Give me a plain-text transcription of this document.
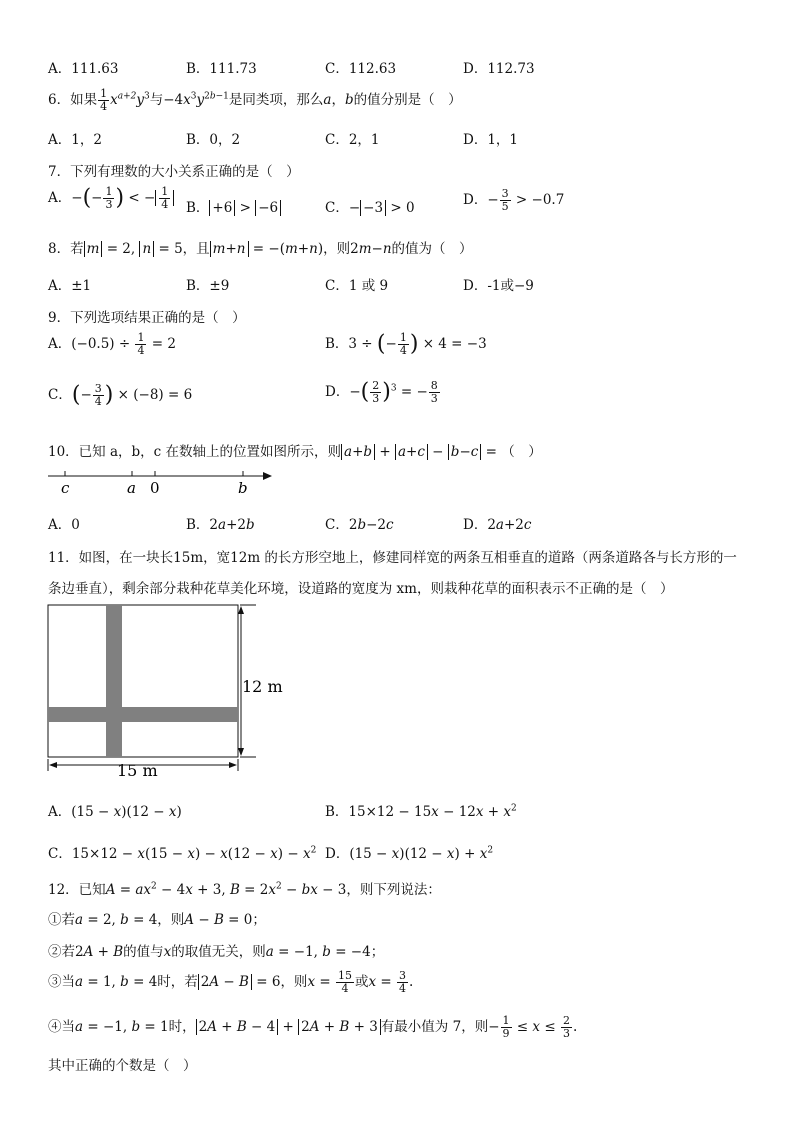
A．111.63	B．111.73	C．112.63	D．112.73
6．如果 $\frac{1}{4} x^{a+2}y^3$与$-4x^3y^{2b-1}$是同类项，那么a，b的值分别是（　）
A．1，2	B．0，2	C．2，1	D．1，1
7．下列有理数的大小关系正确的是（　）
A．−(− $\frac{1}{3}$ ) < − $\frac{1}{4}$ B． +6 > −6	C．− −3 > 0	D．− $\frac{3}{5} > -0.7$
8．若 m = 2, n = 5，且 m+n = −(m+n)，则2m−n的值为（　）
A．±1	B．±9	C．1 或 9	D．-1或−9
9．下列选项结果正确的是（　）
A．$(-0.5) \div \frac{1}{4} = 2$	B．3 ÷ (− $\frac{1}{4}$ ) × 4 = −3
C．(− $\frac{3}{4}$ ) × (−8) = 6	D．−( $\frac{2}{3} )^3$ = − $\frac{8}{3}$
10．已知 a，b，c 在数轴上的位置如图所示，则 a+b + a+c − b−c = （　）
c	a 0	b
A．0	B．2a+2b	C．2b−2c	D．2a+2c
11．如图，在一块长15m，宽12m 的长方形空地上，修建同样宽的两条互相垂直的道路（两条道路各与长方形的一
条边垂直），剩余部分栽种花草美化环境，设道路的宽度为 xm，则栽种花草的面积表示不正确的是（　）
12 m
15 m
A．(15 − x)(12 − x)	B．$15\times 12 - 15x - 12x + x^2$
C．$15\times 12 - x(15 - x) - x(12 - x) - x^2$ D．$(15 - x)(12 - x) + x^2$
12．已知$A = ax^2 - 4x + 3$, $B = 2x^2$ − bx − 3，则下列说法：
①若a = 2, b = 4，则A − B = 0；
②若2A + B的值与x的取值无关，则a = −1, b = −4；
③当a = 1, b = 4时，若 2A − B = 6，则$x = \frac{15}{4}$ 或$x = \frac{3}{4}$ .
④当a = −1, b = 1时， 2A + B − 4 + 2A + B + 3 有最小值为 7，则− $\frac{1}{9} \le x \le \frac{2}{3}$ .
其中正确的个数是（　）
